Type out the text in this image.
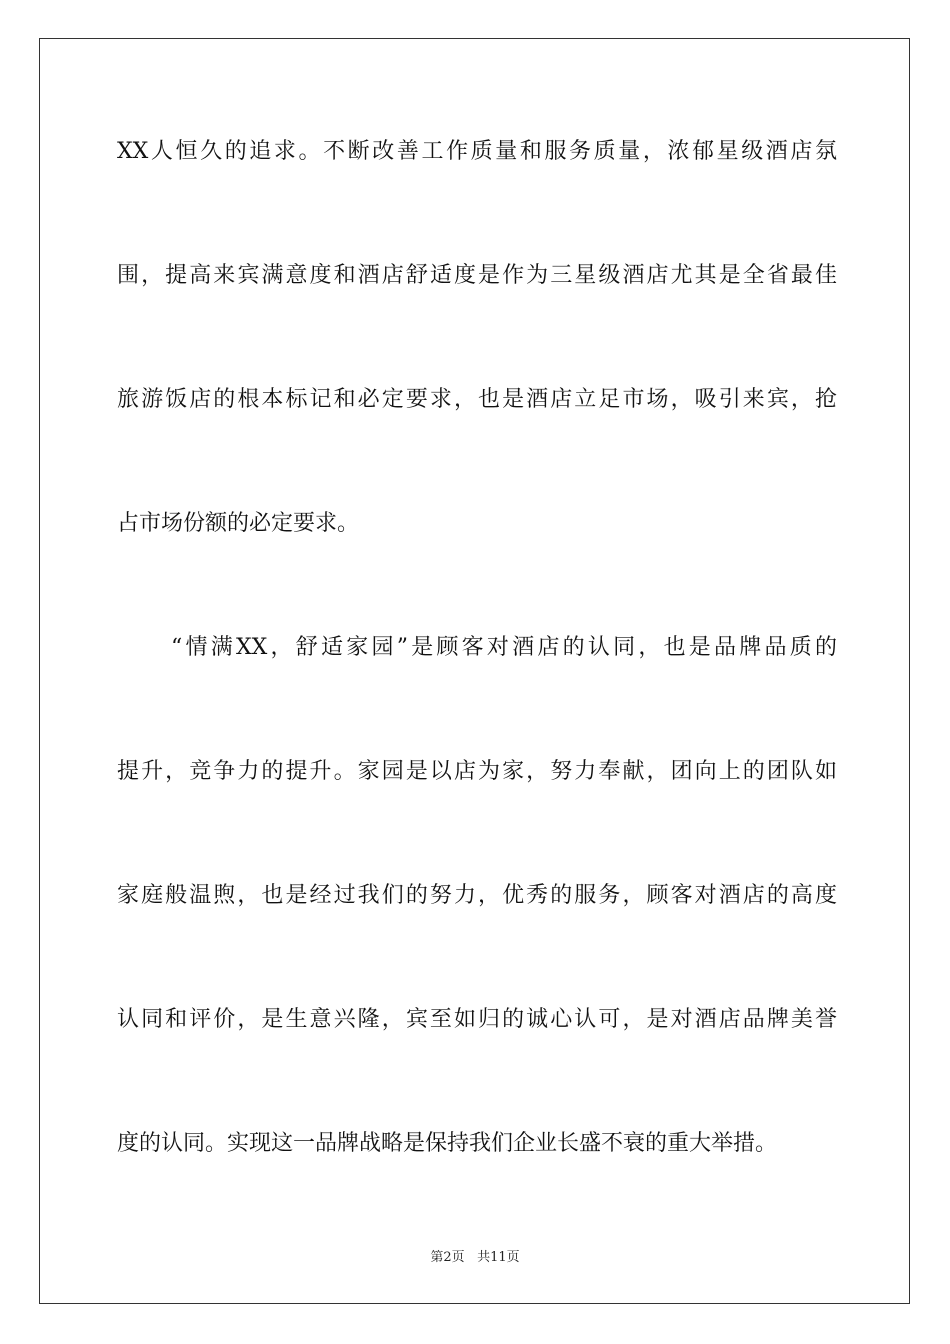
XX人恒久的追求。不断改善工作质量和服务质量，浓郁星级酒店氛
围，提高来宾满意度和酒店舒适度是作为三星级酒店尤其是全省最佳
旅游饭店的根本标记和必定要求，也是酒店立足市场，吸引来宾，抢
占市场份额的必定要求。
“情满XX，舒适家园”是顾客对酒店的认同，也是品牌品质的
提升，竞争力的提升。家园是以店为家，努力奉献，团向上的团队如
家庭般温煦，也是经过我们的努力，优秀的服务，顾客对酒店的高度
认同和评价，是生意兴隆，宾至如归的诚心认可，是对酒店品牌美誉
度的认同。实现这一品牌战略是保持我们企业长盛不衰的重大举措。
第2页 共11页
